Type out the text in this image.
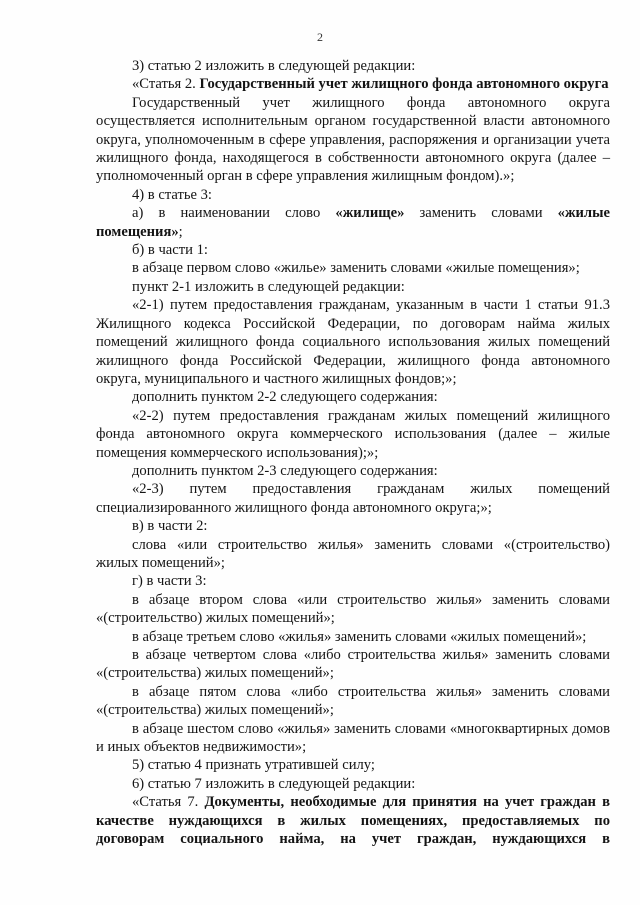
2

3) статью 2 изложить в следующей редакции:

«Статья 2. Государственный учет жилищного фонда автономного округа

Государственный учет жилищного фонда автономного округа осуществляется исполнительным органом государственной власти автономного округа, уполномоченным в сфере управления, распоряжения и организации учета жилищного фонда, находящегося в собственности автономного округа (далее – уполномоченный орган в сфере управления жилищным фондом).»;

4) в статье 3:

а) в наименовании слово «жилище» заменить словами «жилые помещения»;

б) в части 1:

в абзаце первом слово «жилье» заменить словами «жилые помещения»;

пункт 2-1 изложить в следующей редакции:

«2-1) путем предоставления гражданам, указанным в части 1 статьи 91.3 Жилищного кодекса Российской Федерации, по договорам найма жилых помещений жилищного фонда социального использования жилых помещений жилищного фонда Российской Федерации, жилищного фонда автономного округа, муниципального и частного жилищных фондов;»;

дополнить пунктом 2-2 следующего содержания:

«2-2) путем предоставления гражданам жилых помещений жилищного фонда автономного округа коммерческого использования (далее – жилые помещения коммерческого использования);»;

дополнить пунктом 2-3 следующего содержания:

«2-3) путем предоставления гражданам жилых помещений специализированного жилищного фонда автономного округа;»;

в) в части 2:

слова «или строительство жилья» заменить словами «(строительство) жилых помещений»;

г) в части 3:

в абзаце втором слова «или строительство жилья» заменить словами «(строительство) жилых помещений»;

в абзаце третьем слово «жилья» заменить словами «жилых помещений»;

в абзаце четвертом слова «либо строительства жилья» заменить словами «(строительства) жилых помещений»;

в абзаце пятом слова «либо строительства жилья» заменить словами «(строительства) жилых помещений»;

в абзаце шестом слово «жилья» заменить словами «многоквартирных домов и иных объектов недвижимости»;

5) статью 4 признать утратившей силу;

6) статью 7 изложить в следующей редакции:

«Статья 7. Документы, необходимые для принятия на учет граждан в качестве нуждающихся в жилых помещениях, предоставляемых по договорам социального найма, на учет граждан, нуждающихся в
